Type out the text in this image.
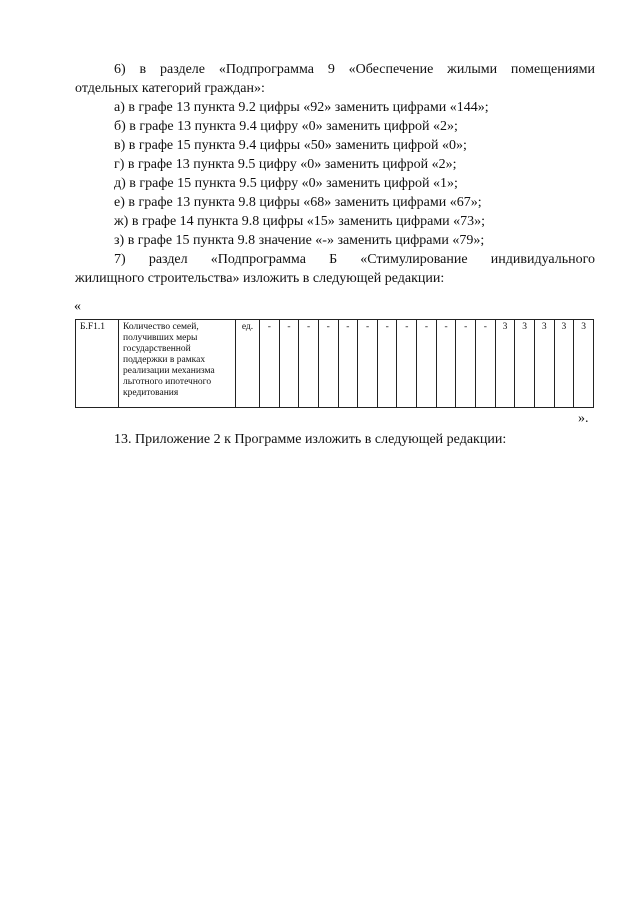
6) в разделе «Подпрограмма 9 «Обеспечение жилыми помещениями
отдельных категорий граждан»:
а) в графе 13 пункта 9.2 цифры «92» заменить цифрами «144»;
б) в графе 13 пункта 9.4 цифру «0» заменить цифрой «2»;
в) в графе 15 пункта 9.4 цифры «50» заменить цифрой «0»;
г) в графе 13 пункта 9.5 цифру «0» заменить цифрой «2»;
д) в графе 15 пункта 9.5 цифру «0» заменить цифрой «1»;
е) в графе 13 пункта 9.8 цифры «68» заменить цифрами «67»;
ж) в графе 14 пункта 9.8 цифры «15» заменить цифрами «73»;
з) в графе 15 пункта 9.8 значение «-» заменить цифрами «79»;
7) раздел «Подпрограмма Б «Стимулирование индивидуального
жилищного строительства» изложить в следующей редакции:
«
Б.F1.1	Количество семей, получивших меры государственной поддержки в рамках реализации механизма льготного ипотечного кредитования	ед.	-	-	-	-	-	-	-	-	-	-	-	-	3	3	3	3	3
».
13. Приложение 2 к Программе изложить в следующей редакции:
